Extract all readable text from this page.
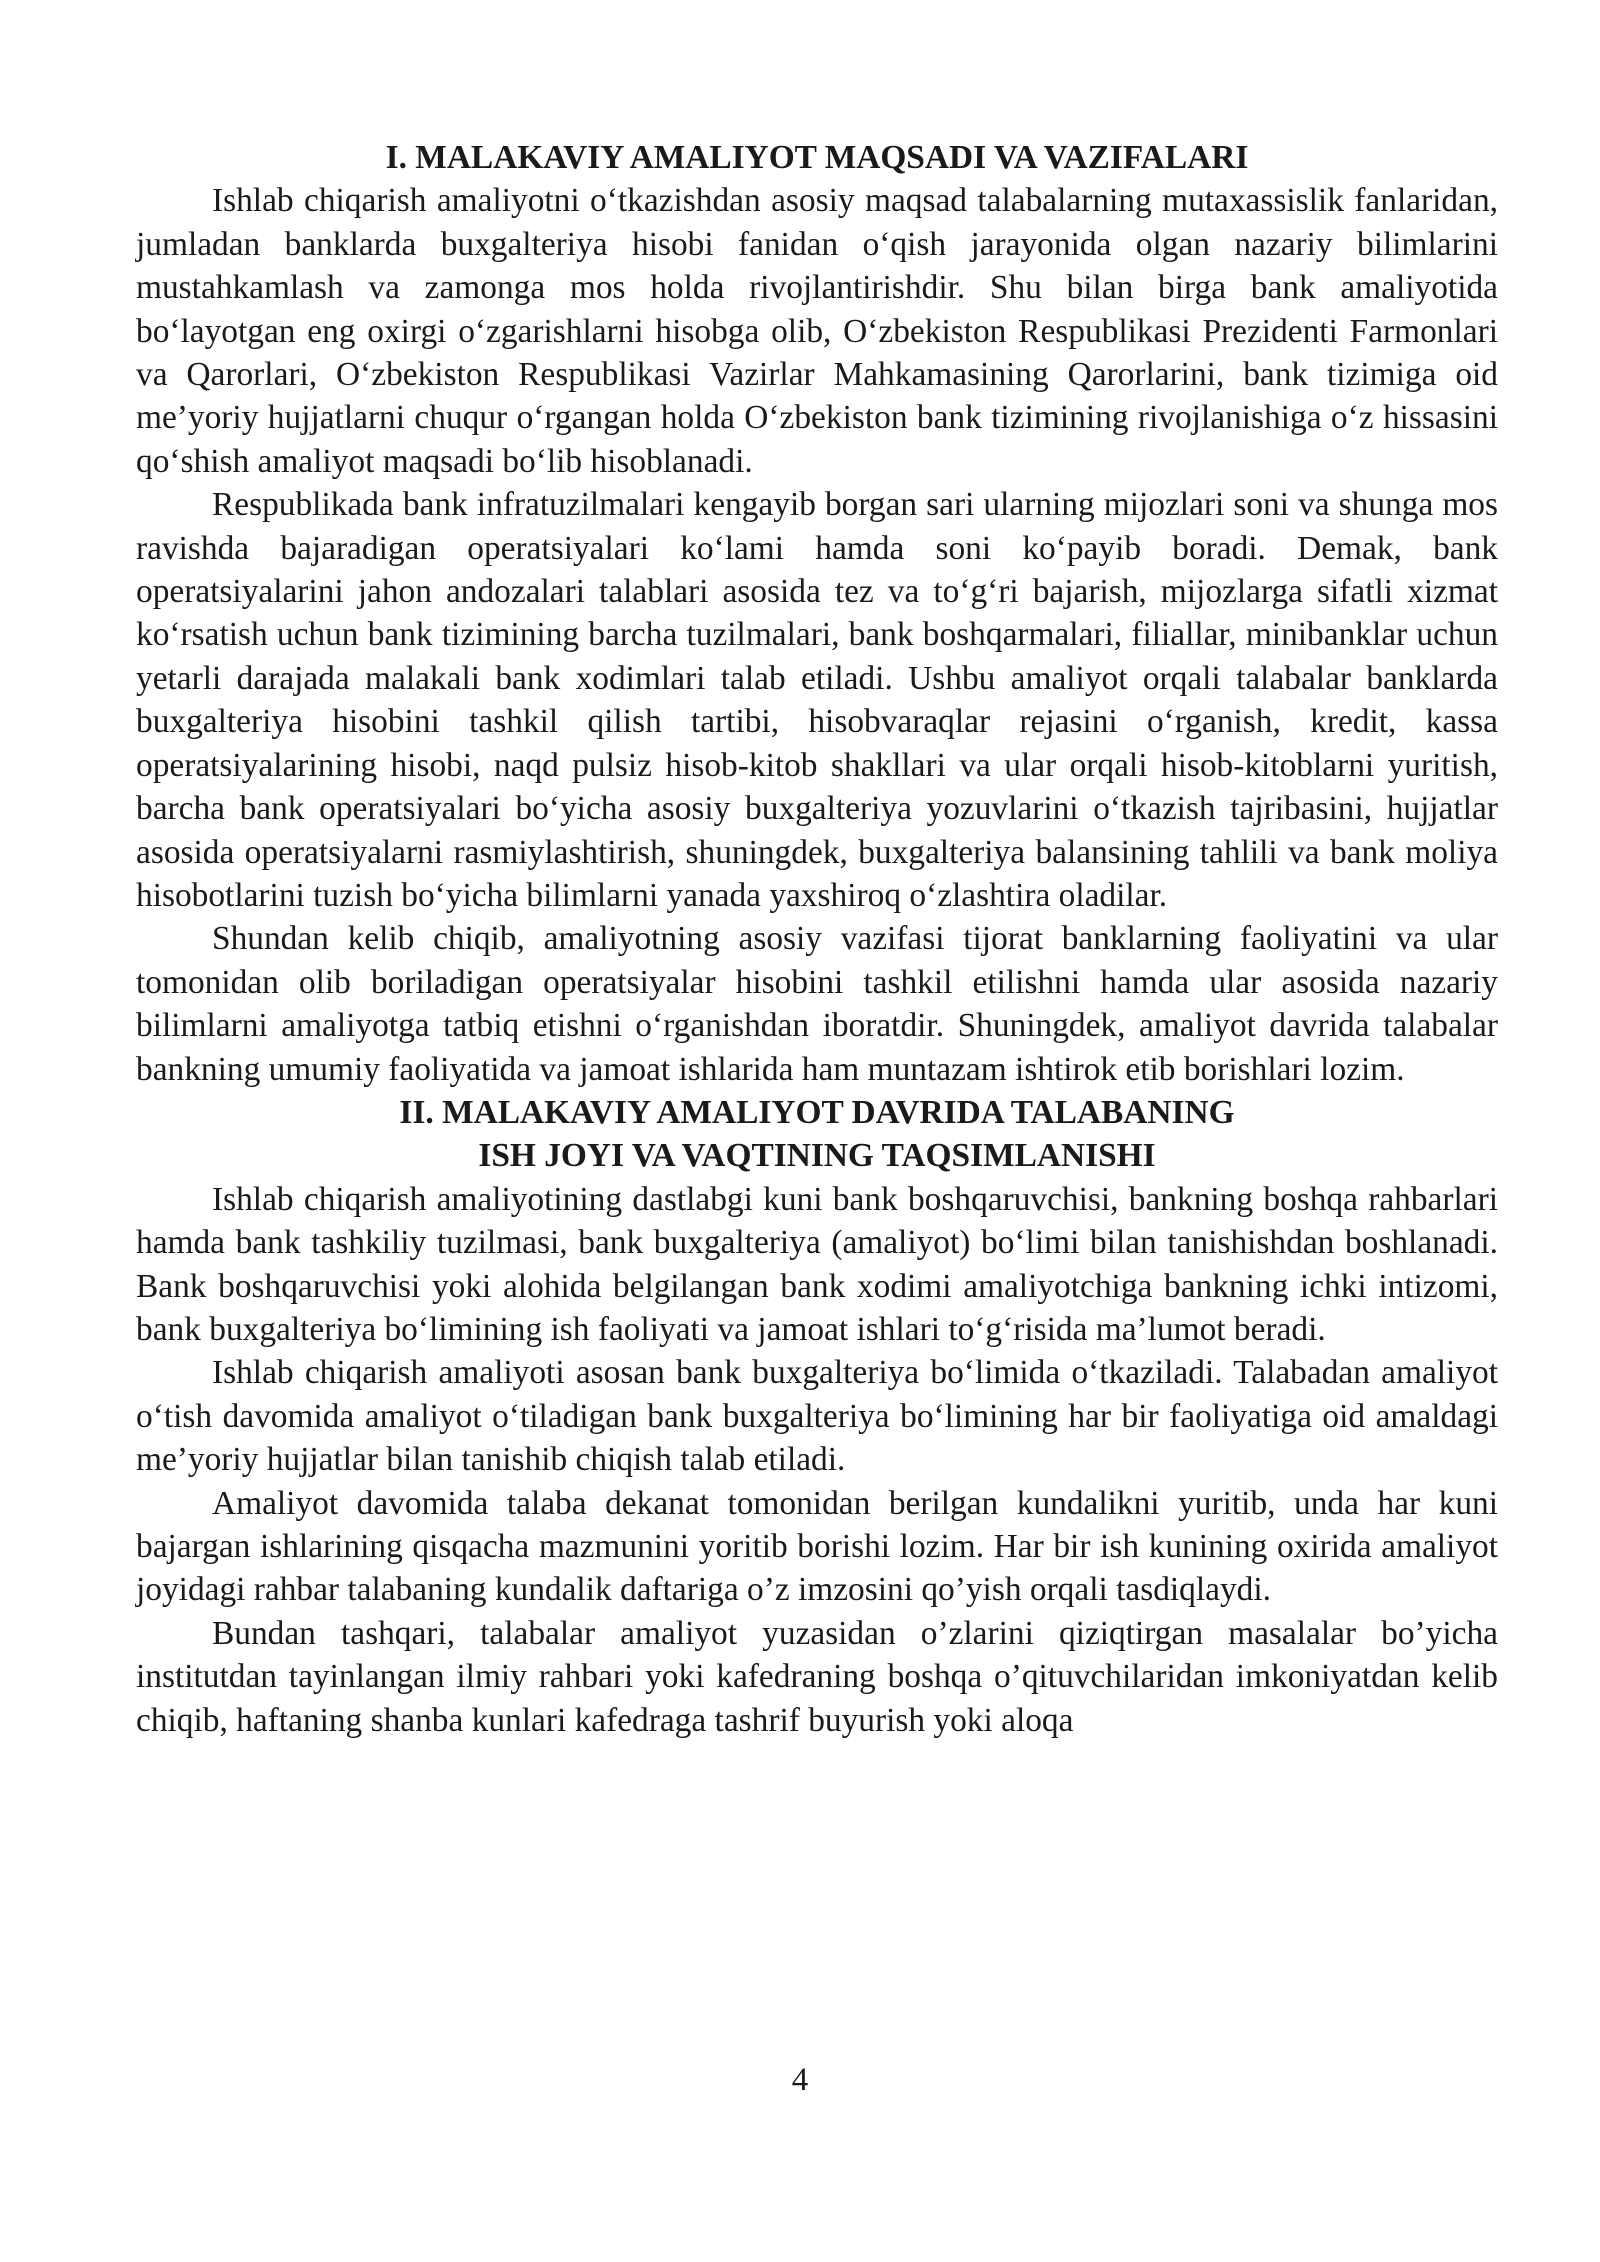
I. MALAKAVIY AMALIYOT MAQSADI VA VAZIFALARI

Ishlab chiqarish amaliyotni oʻtkazishdan asosiy maqsad talabalarning mutaxassislik fanlaridan, jumladan banklarda buxgalteriya hisobi fanidan oʻqish jarayonida olgan nazariy bilimlarini mustahkamlash va zamonga mos holda rivojlantirishdir. Shu bilan birga bank amaliyotida boʻlayotgan eng oxirgi oʻzgarishlarni hisobga olib, Oʻzbekiston Respublikasi Prezidenti Farmonlari va Qarorlari, Oʻzbekiston Respublikasi Vazirlar Mahkamasining Qarorlarini, bank tizimiga oid me’yoriy hujjatlarni chuqur oʻrgangan holda Oʻzbekiston bank tizimining rivojlanishiga oʻz hissasini qoʻshish amaliyot maqsadi boʻlib hisoblanadi.

Respublikada bank infratuzilmalari kengayib borgan sari ularning mijozlari soni va shunga mos ravishda bajaradigan operatsiyalari koʻlami hamda soni koʻpayib boradi. Demak, bank operatsiyalarini jahon andozalari talablari asosida tez va toʻgʻri bajarish, mijozlarga sifatli xizmat koʻrsatish uchun bank tizimining barcha tuzilmalari, bank boshqarmalari, filiallar, minibanklar uchun yetarli darajada malakali bank xodimlari talab etiladi. Ushbu amaliyot orqali talabalar banklarda buxgalteriya hisobini tashkil qilish tartibi, hisobvaraqlar rejasini oʻrganish, kredit, kassa operatsiyalarining hisobi, naqd pulsiz hisob-kitob shakllari va ular orqali hisob-kitoblarni yuritish, barcha bank operatsiyalari boʻyicha asosiy buxgalteriya yozuvlarini oʻtkazish tajribasini, hujjatlar asosida operatsiyalarni rasmiylashtirish, shuningdek, buxgalteriya balansining tahlili va bank moliya hisobotlarini tuzish boʻyicha bilimlarni yanada yaxshiroq oʻzlashtira oladilar.

Shundan kelib chiqib, amaliyotning asosiy vazifasi tijorat banklarning faoliyatini va ular tomonidan olib boriladigan operatsiyalar hisobini tashkil etilishni hamda ular asosida nazariy bilimlarni amaliyotga tatbiq etishni oʻrganishdan iboratdir. Shuningdek, amaliyot davrida talabalar bankning umumiy faoliyatida va jamoat ishlarida ham muntazam ishtirok etib borishlari lozim.

II. MALAKAVIY AMALIYOT DAVRIDA TALABANING
ISH JOYI VA VAQTINING TAQSIMLANISHI

Ishlab chiqarish amaliyotining dastlabgi kuni bank boshqaruvchisi, bankning boshqa rahbarlari hamda bank tashkiliy tuzilmasi, bank buxgalteriya (amaliyot) boʻlimi bilan tanishishdan boshlanadi. Bank boshqaruvchisi yoki alohida belgilangan bank xodimi amaliyotchiga bankning ichki intizomi, bank buxgalteriya boʻlimining ish faoliyati va jamoat ishlari toʻgʻrisida ma’lumot beradi.

Ishlab chiqarish amaliyoti asosan bank buxgalteriya boʻlimida oʻtkaziladi. Talabadan amaliyot oʻtish davomida amaliyot oʻtiladigan bank buxgalteriya boʻlimining har bir faoliyatiga oid amaldagi me’yoriy hujjatlar bilan tanishib chiqish talab etiladi.

Amaliyot davomida talaba dekanat tomonidan berilgan kundalikni yuritib, unda har kuni bajargan ishlarining qisqacha mazmunini yoritib borishi lozim. Har bir ish kunining oxirida amaliyot joyidagi rahbar talabaning kundalik daftariga o’z imzosini qo’yish orqali tasdiqlaydi.

Bundan tashqari, talabalar amaliyot yuzasidan o’zlarini qiziqtirgan masalalar bo’yicha institutdan tayinlangan ilmiy rahbari yoki kafedraning boshqa o’qituvchilaridan imkoniyatdan kelib chiqib, haftaning shanba kunlari kafedraga tashrif buyurish yoki aloqa

4
